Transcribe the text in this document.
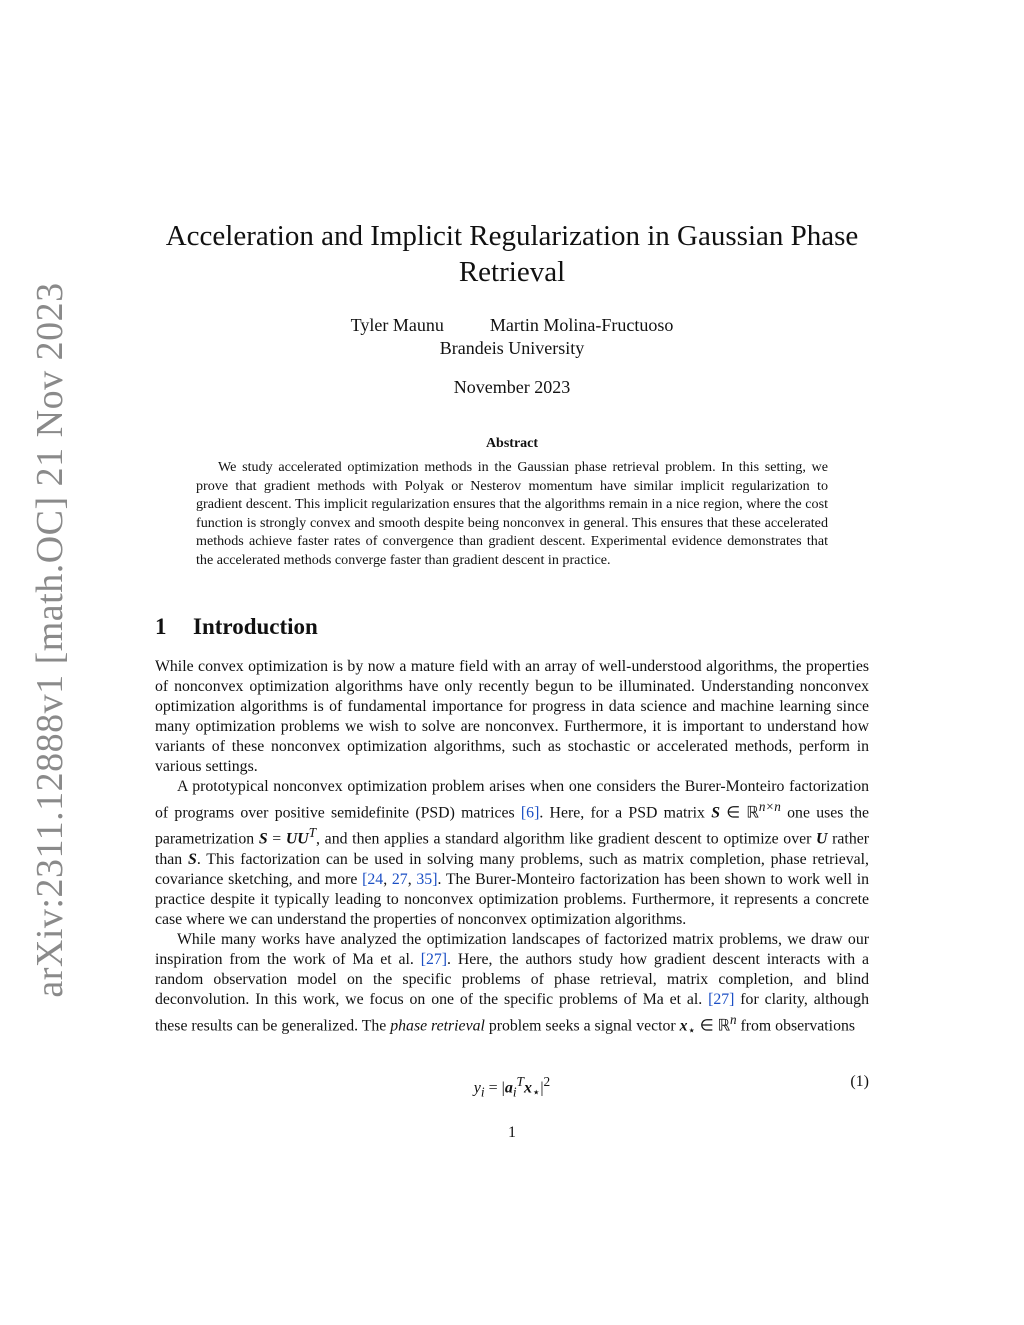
arXiv:2311.12888v1 [math.OC] 21 Nov 2023
Acceleration and Implicit Regularization in Gaussian Phase Retrieval
Tyler Maunu	Martin Molina-Fructuoso
Brandeis University
November 2023
Abstract
We study accelerated optimization methods in the Gaussian phase retrieval problem. In this setting, we prove that gradient methods with Polyak or Nesterov momentum have similar implicit regularization to gradient descent. This implicit regularization ensures that the algorithms remain in a nice region, where the cost function is strongly convex and smooth despite being nonconvex in general. This ensures that these accelerated methods achieve faster rates of convergence than gradient descent. Experimental evidence demonstrates that the accelerated methods converge faster than gradient descent in practice.
1 Introduction

While convex optimization is by now a mature field with an array of well-understood algorithms, the properties of nonconvex optimization algorithms have only recently begun to be illuminated. Understanding nonconvex optimization algorithms is of fundamental importance for progress in data science and machine learning since many optimization problems we wish to solve are nonconvex. Furthermore, it is important to understand how variants of these nonconvex optimization algorithms, such as stochastic or accelerated methods, perform in various settings.

A prototypical nonconvex optimization problem arises when one considers the Burer-Monteiro factorization of programs over positive semidefinite (PSD) matrices [6]. Here, for a PSD matrix S ∈ ℝ$^{n\times n}$ one uses the parametrization $S = UU^T$, and then applies a standard algorithm like gradient descent to optimize over U rather than S. This factorization can be used in solving many problems, such as matrix completion, phase retrieval, covariance sketching, and more [24, 27, 35]. The Burer-Monteiro factorization has been shown to work well in practice despite it typically leading to nonconvex optimization problems. Furthermore, it represents a concrete case where we can understand the properties of nonconvex optimization algorithms.

While many works have analyzed the optimization landscapes of factorized matrix problems, we draw our inspiration from the work of Ma et al. [27]. Here, the authors study how gradient descent interacts with a random observation model on the specific problems of phase retrieval, matrix completion, and blind deconvolution. In this work, we focus on one of the specific problems of Ma et al. [27] for clarity, although these results can be generalized. The phase retrieval problem seeks a signal vector $x_⋆$ ∈ ℝ$^n$ from observations

$y_i = |a_i^Tx_⋆|^2$	(1)
1
